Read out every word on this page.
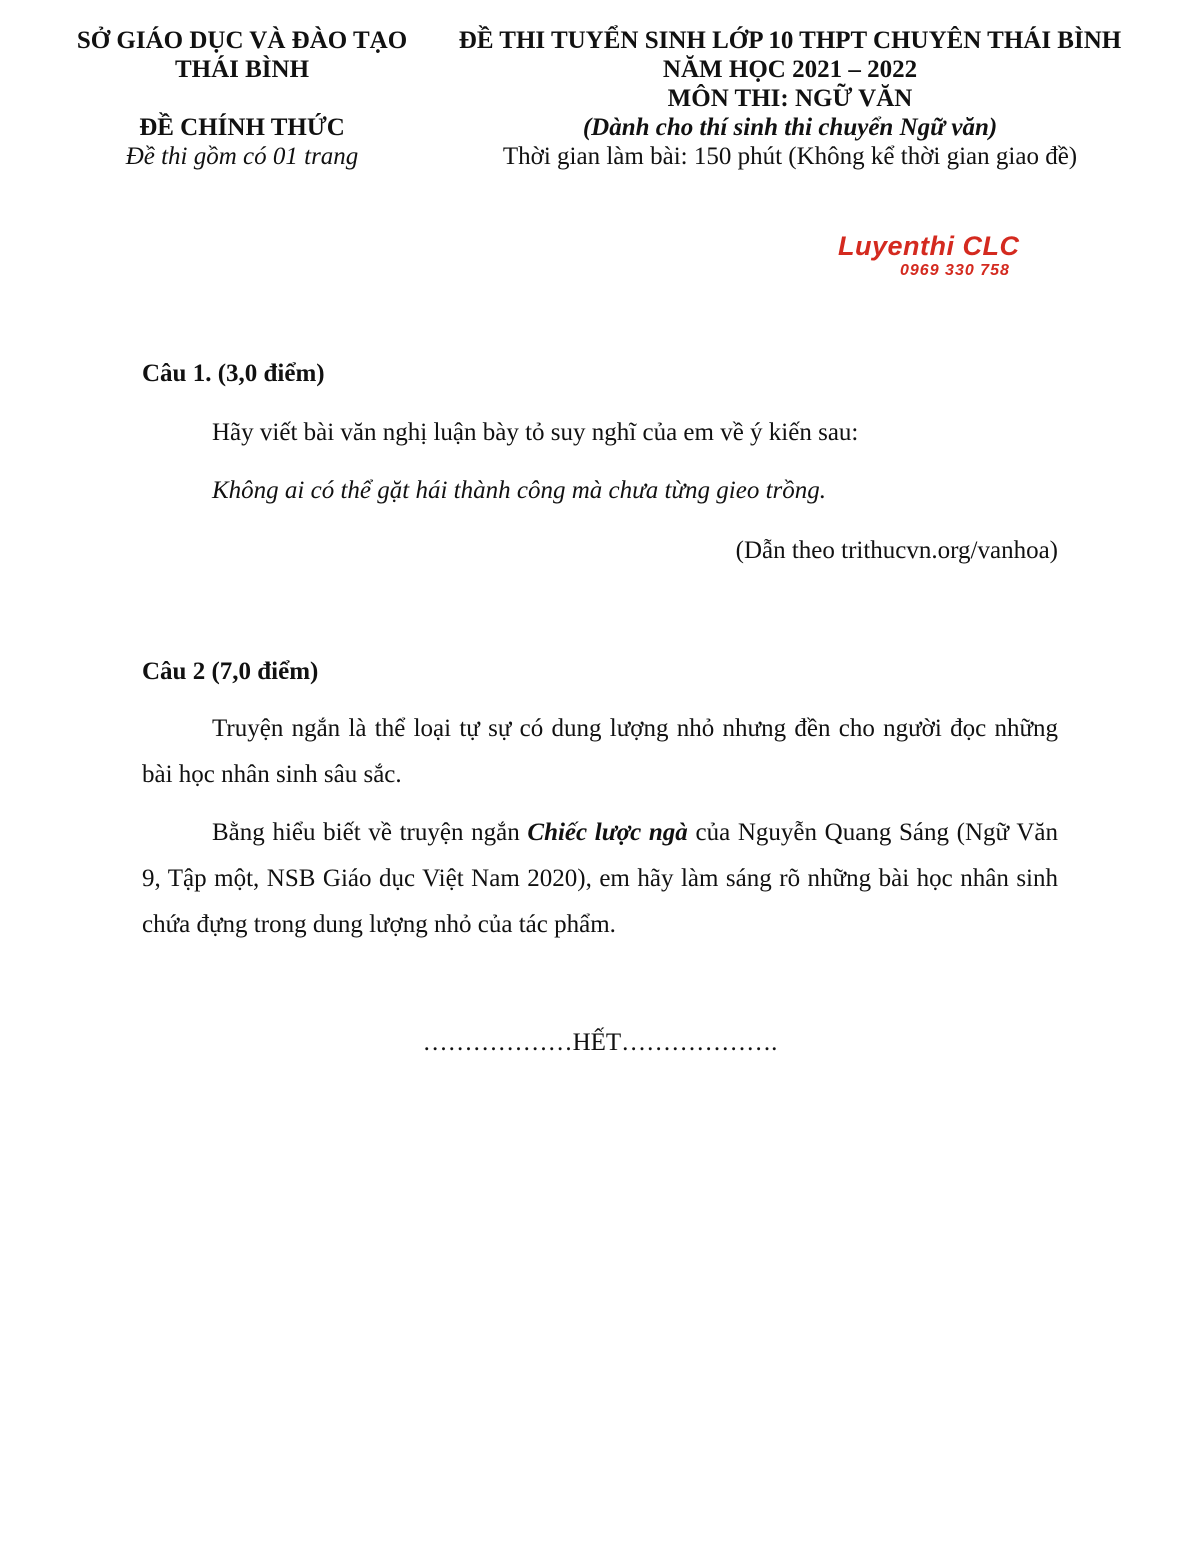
SỞ GIÁO DỤC VÀ ĐÀO TẠO
THÁI BÌNH
ĐỀ CHÍNH THỨC
Đề thi gồm có 01 trang
ĐỀ THI TUYỂN SINH LỚP 10 THPT CHUYÊN THÁI BÌNH
NĂM HỌC 2021 – 2022
MÔN THI: NGỮ VĂN
(Dành cho thí sinh thi chuyển Ngữ văn)
Thời gian làm bài: 150 phút (Không kể thời gian giao đề)
Luyenthi CLC
0969 330 758
Câu 1. (3,0 điểm)
Hãy viết bài văn nghị luận bày tỏ suy nghĩ của em về ý kiến sau:
Không ai có thể gặt hái thành công mà chưa từng gieo trồng.
(Dẫn theo trithucvn.org/vanhoa)
Câu 2 (7,0 điểm)
Truyện ngắn là thể loại tự sự có dung lượng nhỏ nhưng đền cho người đọc những bài học nhân sinh sâu sắc.
Bằng hiểu biết về truyện ngắn Chiếc lược ngà của Nguyễn Quang Sáng (Ngữ Văn 9, Tập một, NSB Giáo dục Việt Nam 2020), em hãy làm sáng rõ những bài học nhân sinh chứa đựng trong dung lượng nhỏ của tác phẩm.
………………HẾT……………….
